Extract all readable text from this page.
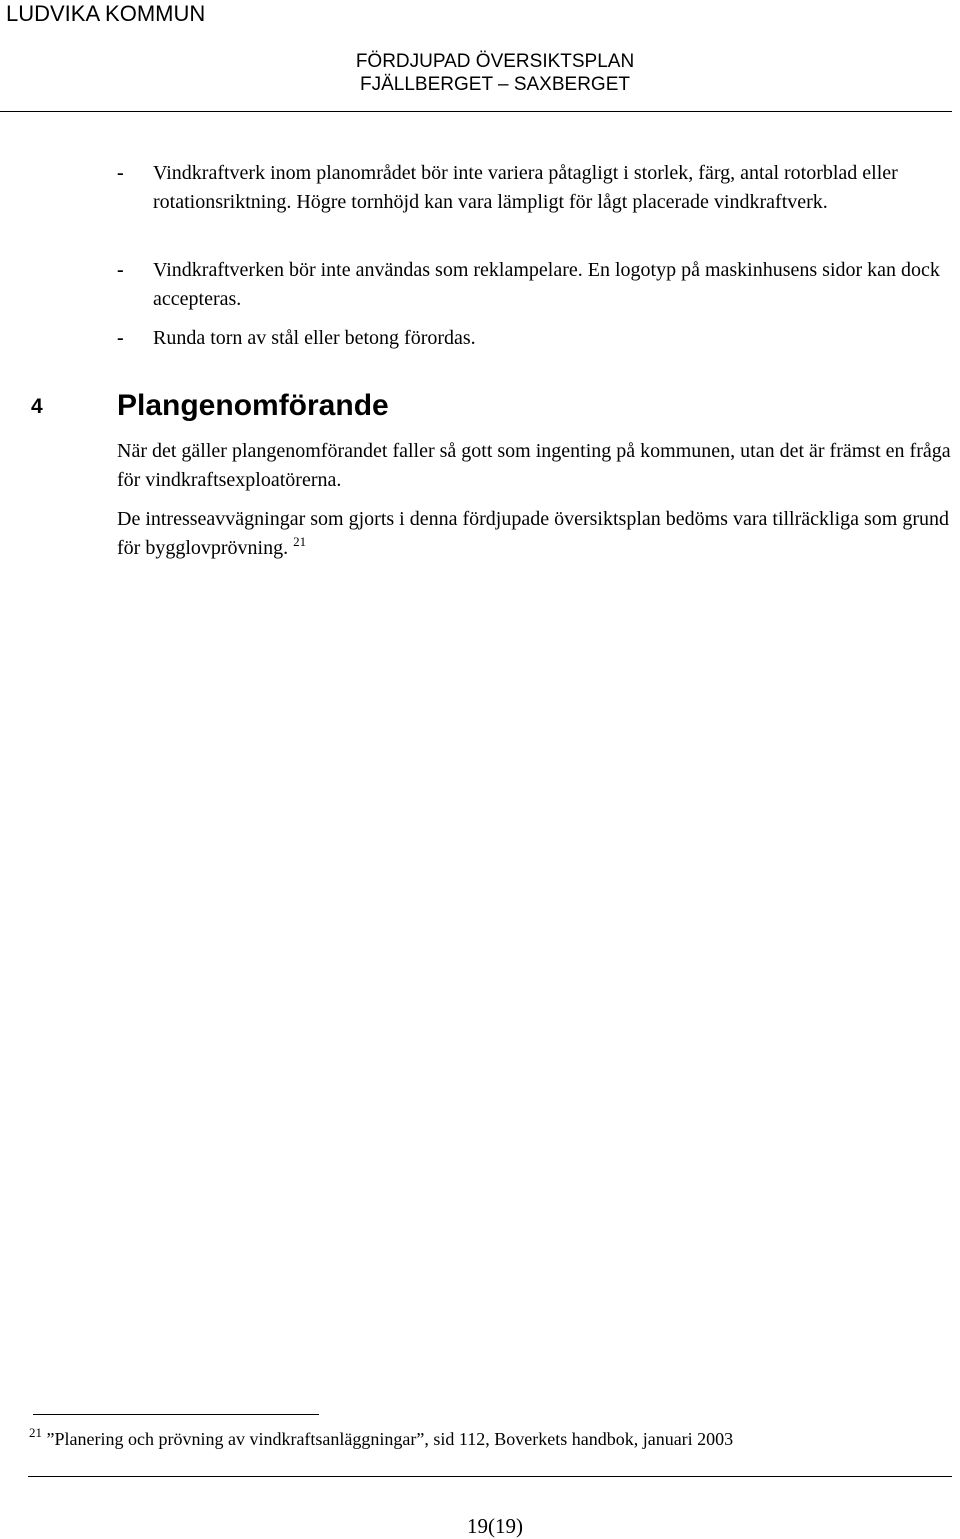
LUDVIKA KOMMUN
FÖRDJUPAD ÖVERSIKTSPLAN
FJÄLLBERGET – SAXBERGET
- Vindkraftverk inom planområdet bör inte variera påtagligt i storlek, färg, antal rotorblad eller rotationsriktning. Högre tornhöjd kan vara lämpligt för lågt placerade vindkraftverk.
- Vindkraftverken bör inte användas som reklampelare. En logotyp på maskinhusens sidor kan dock accepteras.
- Runda torn av stål eller betong förordas.
4 Plangenomförande
När det gäller plangenomförandet faller så gott som ingenting på kommunen, utan det är främst en fråga för vindkraftsexploatörerna.
De intresseavvägningar som gjorts i denna fördjupade översiktsplan bedöms vara tillräckliga som grund för bygglovprövning. $^{21}$
$^{21}$ ”Planering och prövning av vindkraftsanläggningar”, sid 112, Boverkets handbok, januari 2003
19(19)
